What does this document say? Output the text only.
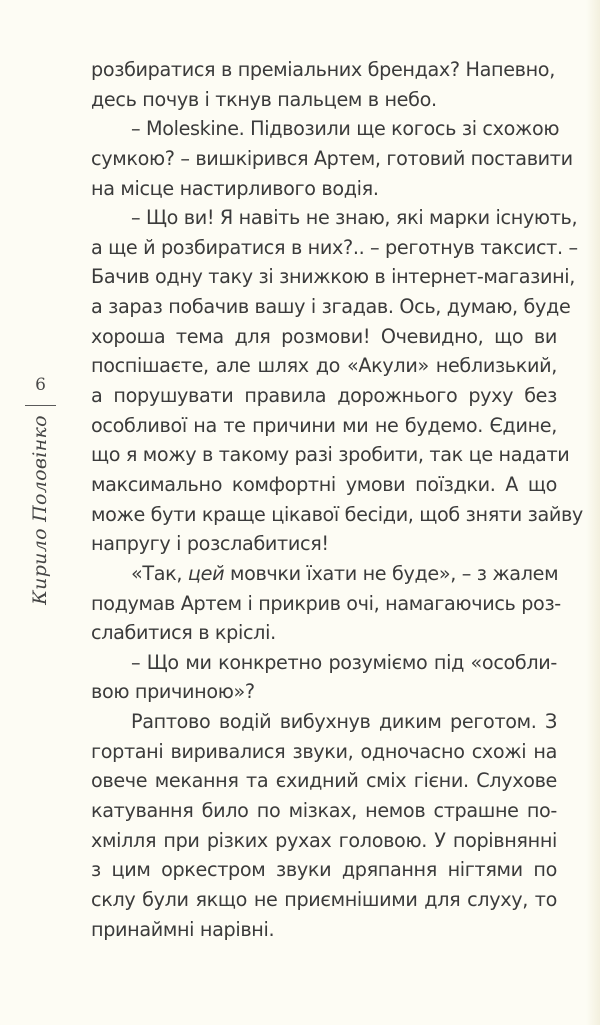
6
Кирило Половінко
розбиратися в преміальних брендах? Напевно,
десь почув і ткнув пальцем в небо.
– Moleskine. Підвозили ще когось зі схожою
сумкою? – вишкірився Артем, готовий поставити
на місце настирливого водія.
– Що ви! Я навіть не знаю, які марки існують,
а ще й розбиратися в них?.. – реготнув таксист. –
Бачив одну таку зі знижкою в інтернет-магазині,
а зараз побачив вашу і згадав. Ось, думаю, буде
хороша тема для розмови! Очевидно, що ви
поспішаєте, але шлях до «Акули» неблизький,
а порушувати правила дорожнього руху без
особливої на те причини ми не будемо. Єдине,
що я можу в такому разі зробити, так це надати
максимально комфортні умови поїздки. А що
може бути краще цікавої бесіди, щоб зняти зайву
напругу і розслабитися!
«Так, цей мовчки їхати не буде», – з жалем
подумав Артем і прикрив очі, намагаючись роз-
слабитися в кріслі.
– Що ми конкретно розуміємо під «особли-
вою причиною»?
Раптово водій вибухнув диким реготом. З
гортані виривалися звуки, одночасно схожі на
овече мекання та єхидний сміх гієни. Слухове
катування било по мізках, немов страшне по-
хмілля при різких рухах головою. У порівнянні
з цим оркестром звуки дряпання нігтями по
склу були якщо не приємнішими для слуху, то
принаймні нарівні.
